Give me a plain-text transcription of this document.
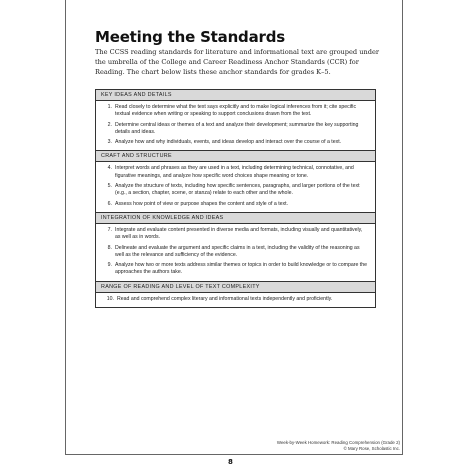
Meeting the Standards
The CCSS reading standards for literature and informational text are grouped under the umbrella of the College and Career Readiness Anchor Standards (CCR) for Reading. The chart below lists these anchor standards for grades K–5.
KEY IDEAS AND DETAILS
1. Read closely to determine what the text says explicitly and to make logical inferences from it; cite specific textual evidence when writing or speaking to support conclusions drawn from the text.
2. Determine central ideas or themes of a text and analyze their development; summarize the key supporting details and ideas.
3. Analyze how and why individuals, events, and ideas develop and interact over the course of a text.
CRAFT AND STRUCTURE
4. Interpret words and phrases as they are used in a text, including determining technical, connotative, and figurative meanings, and analyze how specific word choices shape meaning or tone.
5. Analyze the structure of texts, including how specific sentences, paragraphs, and larger portions of the text (e.g., a section, chapter, scene, or stanza) relate to each other and the whole.
6. Assess how point of view or purpose shapes the content and style of a text.
INTEGRATION OF KNOWLEDGE AND IDEAS
7. Integrate and evaluate content presented in diverse media and formats, including visually and quantitatively, as well as in words.
8. Delineate and evaluate the argument and specific claims in a text, including the validity of the reasoning as well as the relevance and sufficiency of the evidence.
9. Analyze how two or more texts address similar themes or topics in order to build knowledge or to compare the approaches the authors take.
RANGE OF READING AND LEVEL OF TEXT COMPLEXITY
10. Read and comprehend complex literary and informational texts independently and proficiently.
Week-by-Week Homework: Reading Comprehension (Grade 2)
© Mary Rose, Scholastic Inc.
8
